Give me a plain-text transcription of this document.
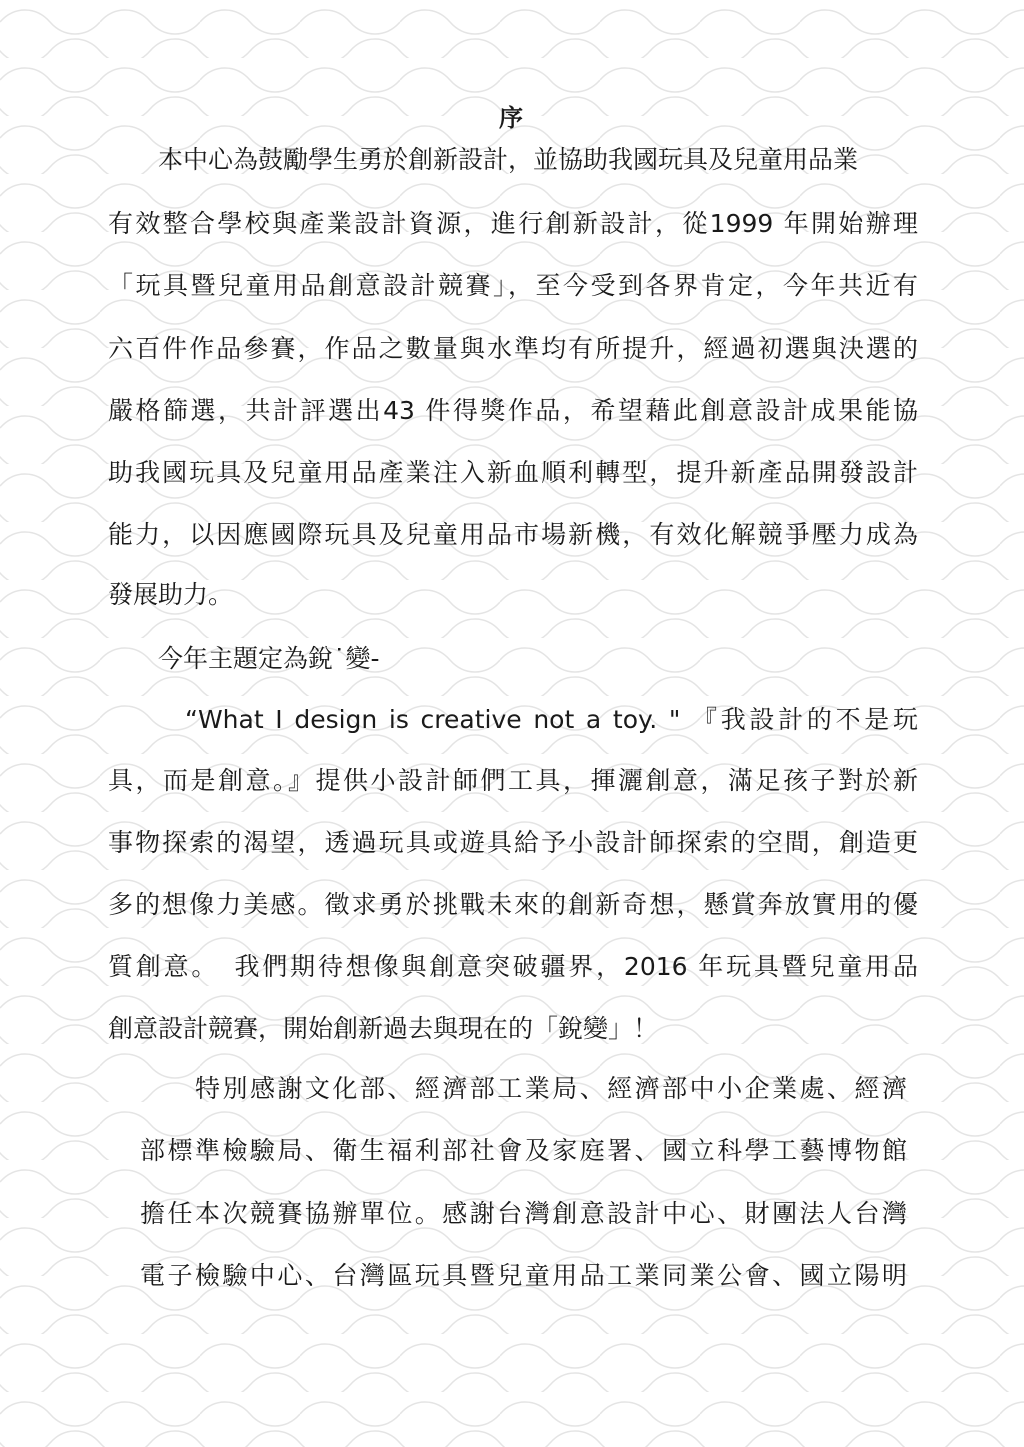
序
本中心為鼓勵學生勇於創新設計，並協助我國玩具及兒童用品業
有效整合學校與產業設計資源，進行創新設計，從1999 年開始辦理
「玩具暨兒童用品創意設計競賽」，至今受到各界肯定，今年共近有
六百件作品參賽，作品之數量與水準均有所提升，經過初選與決選的
嚴格篩選，共計評選出43 件得獎作品，希望藉此創意設計成果能協
助我國玩具及兒童用品產業注入新血順利轉型，提升新產品開發設計
能力，以因應國際玩具及兒童用品市場新機，有效化解競爭壓力成為
發展助力。
今年主題定為銳˙變-
“What I design is creative not a toy. " 『我設計的不是玩
具，而是創意。』提供小設計師們工具，揮灑創意，滿足孩子對於新
事物探索的渴望，透過玩具或遊具給予小設計師探索的空間，創造更
多的想像力美感。徵求勇於挑戰未來的創新奇想，懸賞奔放實用的優
質創意。　我們期待想像與創意突破疆界，2016 年玩具暨兒童用品
創意設計競賽，開始創新過去與現在的「銳變」！
特別感謝文化部、經濟部工業局、經濟部中小企業處、經濟
部標準檢驗局、衛生福利部社會及家庭署、國立科學工藝博物館
擔任本次競賽協辦單位。感謝台灣創意設計中心、財團法人台灣
電子檢驗中心、台灣區玩具暨兒童用品工業同業公會、國立陽明
